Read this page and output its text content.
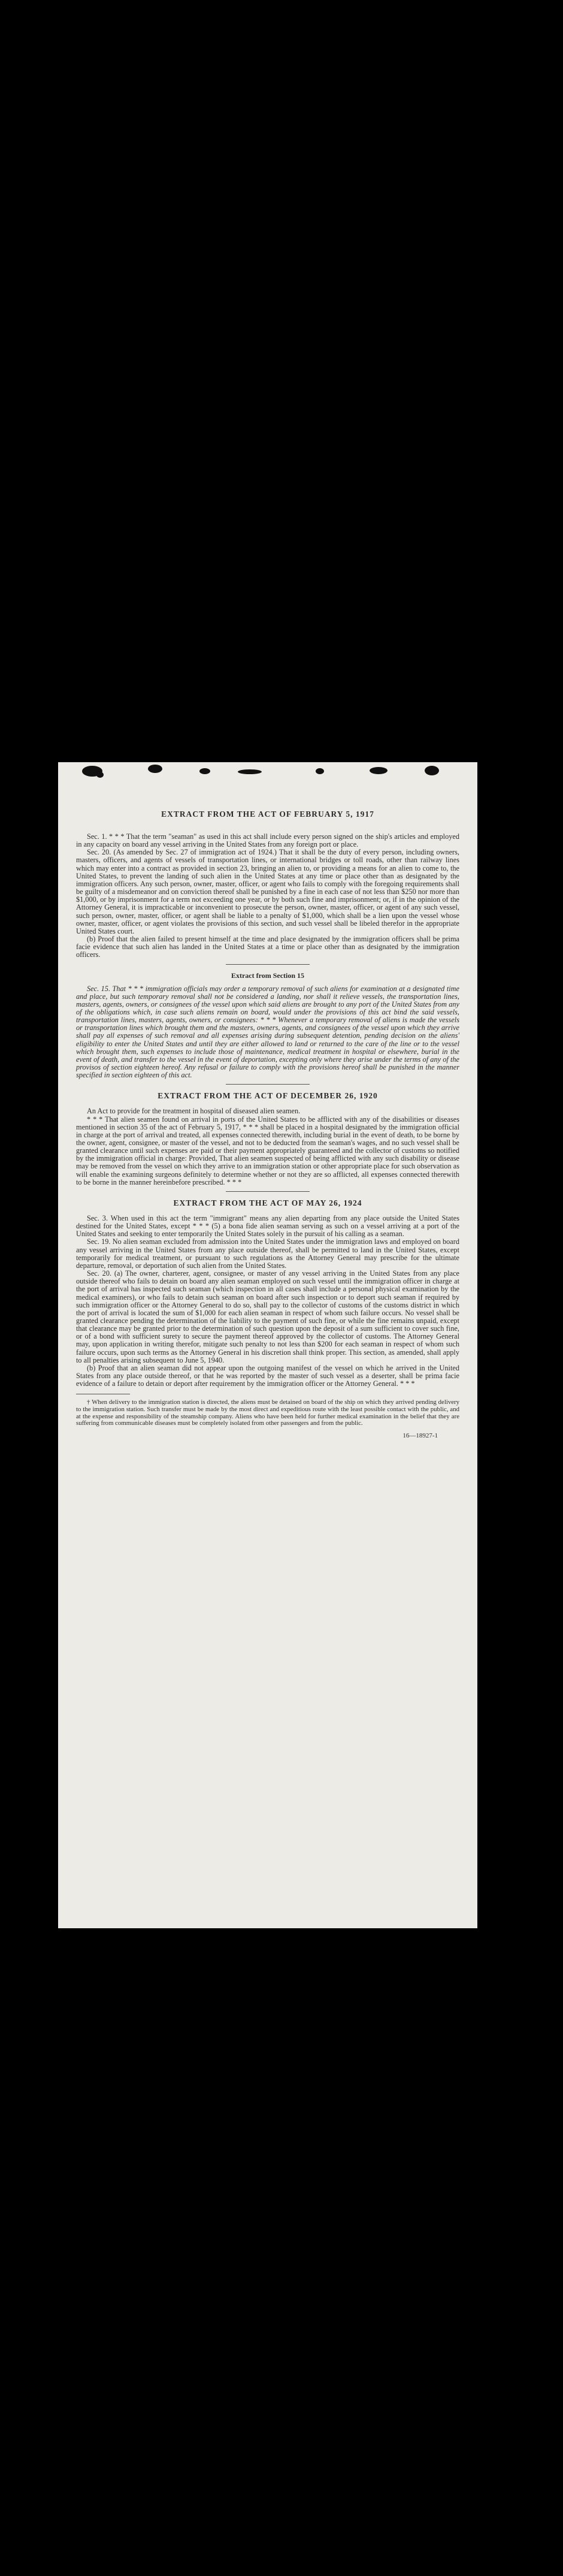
EXTRACT FROM THE ACT OF FEBRUARY 5, 1917

Sec. 1. * * * That the term "seaman" as used in this act shall include every person signed on the ship's articles and employed in any capacity on board any vessel arriving in the United States from any foreign port or place.

Sec. 20. (As amended by Sec. 27 of immigration act of 1924.) That it shall be the duty of every person, including owners, masters, officers, and agents of vessels of transportation lines, or international bridges or toll roads, other than railway lines which may enter into a contract as provided in section 23, bringing an alien to, or providing a means for an alien to come to, the United States, to prevent the landing of such alien in the United States at any time or place other than as designated by the immigration officers. Any such person, owner, master, officer, or agent who fails to comply with the foregoing requirements shall be guilty of a misdemeanor and on conviction thereof shall be punished by a fine in each case of not less than $250 nor more than $1,000, or by imprisonment for a term not exceeding one year, or by both such fine and imprisonment; or, if in the opinion of the Attorney General, it is impracticable or inconvenient to prosecute the person, owner, master, officer, or agent of any such vessel, such person, owner, master, officer, or agent shall be liable to a penalty of $1,000, which shall be a lien upon the vessel whose owner, master, officer, or agent violates the provisions of this section, and such vessel shall be libeled therefor in the appropriate United States court.

(b) Proof that the alien failed to present himself at the time and place designated by the immigration officers shall be prima facie evidence that such alien has landed in the United States at a time or place other than as designated by the immigration officers.

Extract from Section 15

Sec. 15. That * * * immigration officials may order a temporary removal of such aliens for examination at a designated time and place, but such temporary removal shall not be considered a landing, nor shall it relieve vessels, the transportation lines, masters, agents, owners, or consignees of the vessel upon which said aliens are brought to any port of the United States from any of the obligations which, in case such aliens remain on board, would under the provisions of this act bind the said vessels, transportation lines, masters, agents, owners, or consignees: * * * Whenever a temporary removal of aliens is made the vessels or transportation lines which brought them and the masters, owners, agents, and consignees of the vessel upon which they arrive shall pay all expenses of such removal and all expenses arising during subsequent detention, pending decision on the aliens' eligibility to enter the United States and until they are either allowed to land or returned to the care of the line or to the vessel which brought them, such expenses to include those of maintenance, medical treatment in hospital or elsewhere, burial in the event of death, and transfer to the vessel in the event of deportation, excepting only where they arise under the terms of any of the provisos of section eighteen hereof. Any refusal or failure to comply with the provisions hereof shall be punished in the manner specified in section eighteen of this act.

EXTRACT FROM THE ACT OF DECEMBER 26, 1920

An Act to provide for the treatment in hospital of diseased alien seamen.

* * * That alien seamen found on arrival in ports of the United States to be afflicted with any of the disabilities or diseases mentioned in section 35 of the act of February 5, 1917, * * * shall be placed in a hospital designated by the immigration official in charge at the port of arrival and treated, all expenses connected therewith, including burial in the event of death, to be borne by the owner, agent, consignee, or master of the vessel, and not to be deducted from the seaman's wages, and no such vessel shall be granted clearance until such expenses are paid or their payment appropriately guaranteed and the collector of customs so notified by the immigration official in charge: Provided, That alien seamen suspected of being afflicted with any such disability or disease may be removed from the vessel on which they arrive to an immigration station or other appropriate place for such observation as will enable the examining surgeons definitely to determine whether or not they are so afflicted, all expenses connected therewith to be borne in the manner hereinbefore prescribed. * * *

EXTRACT FROM THE ACT OF MAY 26, 1924

Sec. 3. When used in this act the term "immigrant" means any alien departing from any place outside the United States destined for the United States, except * * * (5) a bona fide alien seaman serving as such on a vessel arriving at a port of the United States and seeking to enter temporarily the United States solely in the pursuit of his calling as a seaman.

Sec. 19. No alien seaman excluded from admission into the United States under the immigration laws and employed on board any vessel arriving in the United States from any place outside thereof, shall be permitted to land in the United States, except temporarily for medical treatment, or pursuant to such regulations as the Attorney General may prescribe for the ultimate departure, removal, or deportation of such alien from the United States.

Sec. 20. (a) The owner, charterer, agent, consignee, or master of any vessel arriving in the United States from any place outside thereof who fails to detain on board any alien seaman employed on such vessel until the immigration officer in charge at the port of arrival has inspected such seaman (which inspection in all cases shall include a personal physical examination by the medical examiners), or who fails to detain such seaman on board after such inspection or to deport such seaman if required by such immigration officer or the Attorney General to do so, shall pay to the collector of customs of the customs district in which the port of arrival is located the sum of $1,000 for each alien seaman in respect of whom such failure occurs. No vessel shall be granted clearance pending the determination of the liability to the payment of such fine, or while the fine remains unpaid, except that clearance may be granted prior to the determination of such question upon the deposit of a sum sufficient to cover such fine, or of a bond with sufficient surety to secure the payment thereof approved by the collector of customs. The Attorney General may, upon application in writing therefor, mitigate such penalty to not less than $200 for each seaman in respect of whom such failure occurs, upon such terms as the Attorney General in his discretion shall think proper. This section, as amended, shall apply to all penalties arising subsequent to June 5, 1940.

(b) Proof that an alien seaman did not appear upon the outgoing manifest of the vessel on which he arrived in the United States from any place outside thereof, or that he was reported by the master of such vessel as a deserter, shall be prima facie evidence of a failure to detain or deport after requirement by the immigration officer or the Attorney General. * * *

† When delivery to the immigration station is directed, the aliens must be detained on board of the ship on which they arrived pending delivery to the immigration station. Such transfer must be made by the most direct and expeditious route with the least possible contact with the public, and at the expense and responsibility of the steamship company. Aliens who have been held for further medical examination in the belief that they are suffering from communicable diseases must be completely isolated from other passengers and from the public.

16—18927-1
